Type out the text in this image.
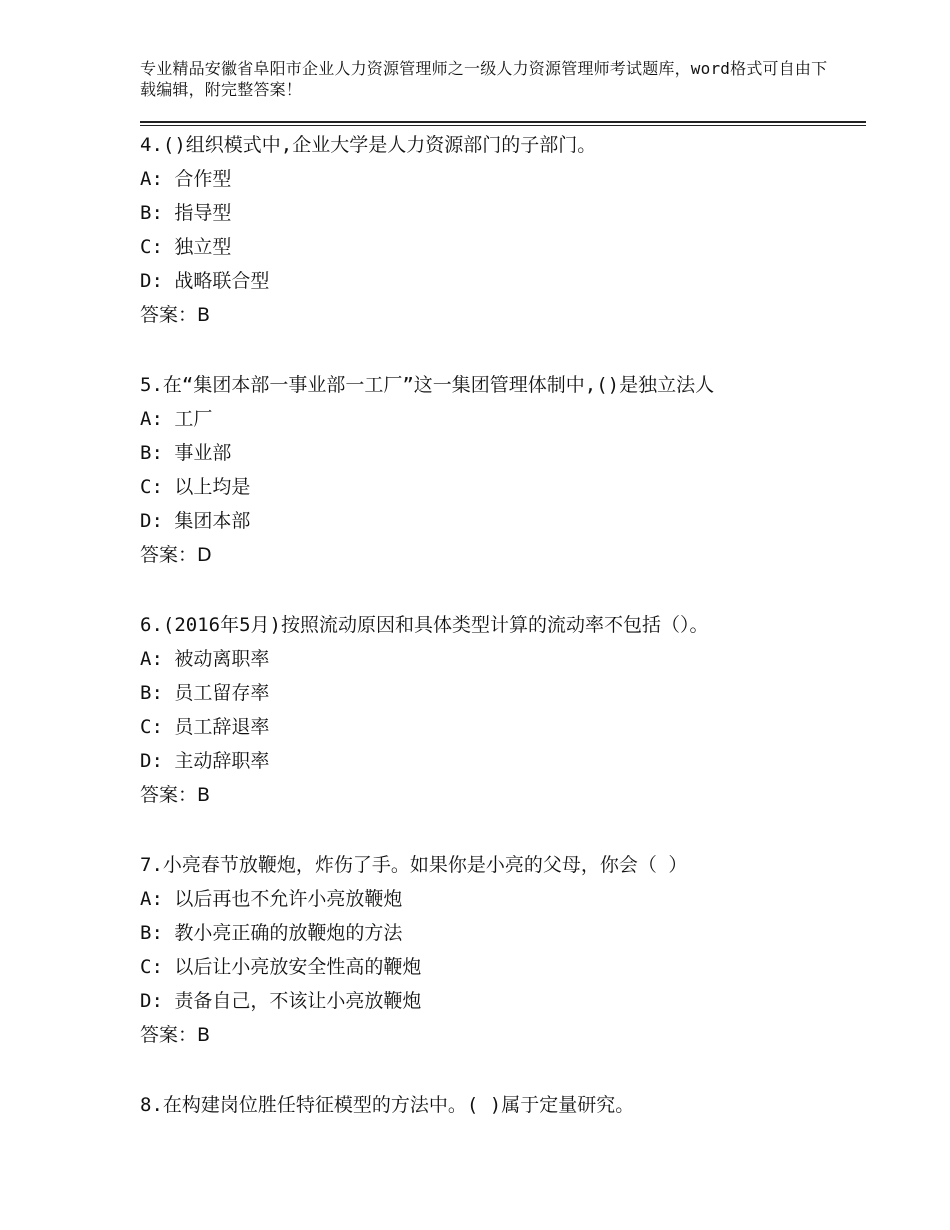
专业精品安徽省阜阳市企业人力资源管理师之一级人力资源管理师考试题库，word格式可自由下载编辑，附完整答案！
4.()组织模式中,企业大学是人力资源部门的子部门。
A: 合作型
B: 指导型
C: 独立型
D: 战略联合型
答案：B
5.在“集团本部一事业部一工厂”这一集团管理体制中,()是独立法人
A: 工厂
B: 事业部
C: 以上均是
D: 集团本部
答案：D
6.(2016年5月)按照流动原因和具体类型计算的流动率不包括（）。
A: 被动离职率
B: 员工留存率
C: 员工辞退率
D: 主动辞职率
答案：B
7.小亮春节放鞭炮，炸伤了手。如果你是小亮的父母，你会（ ）
A: 以后再也不允许小亮放鞭炮
B: 教小亮正确的放鞭炮的方法
C: 以后让小亮放安全性高的鞭炮
D: 责备自己，不该让小亮放鞭炮
答案：B
8.在构建岗位胜任特征模型的方法中。( )属于定量研究。
